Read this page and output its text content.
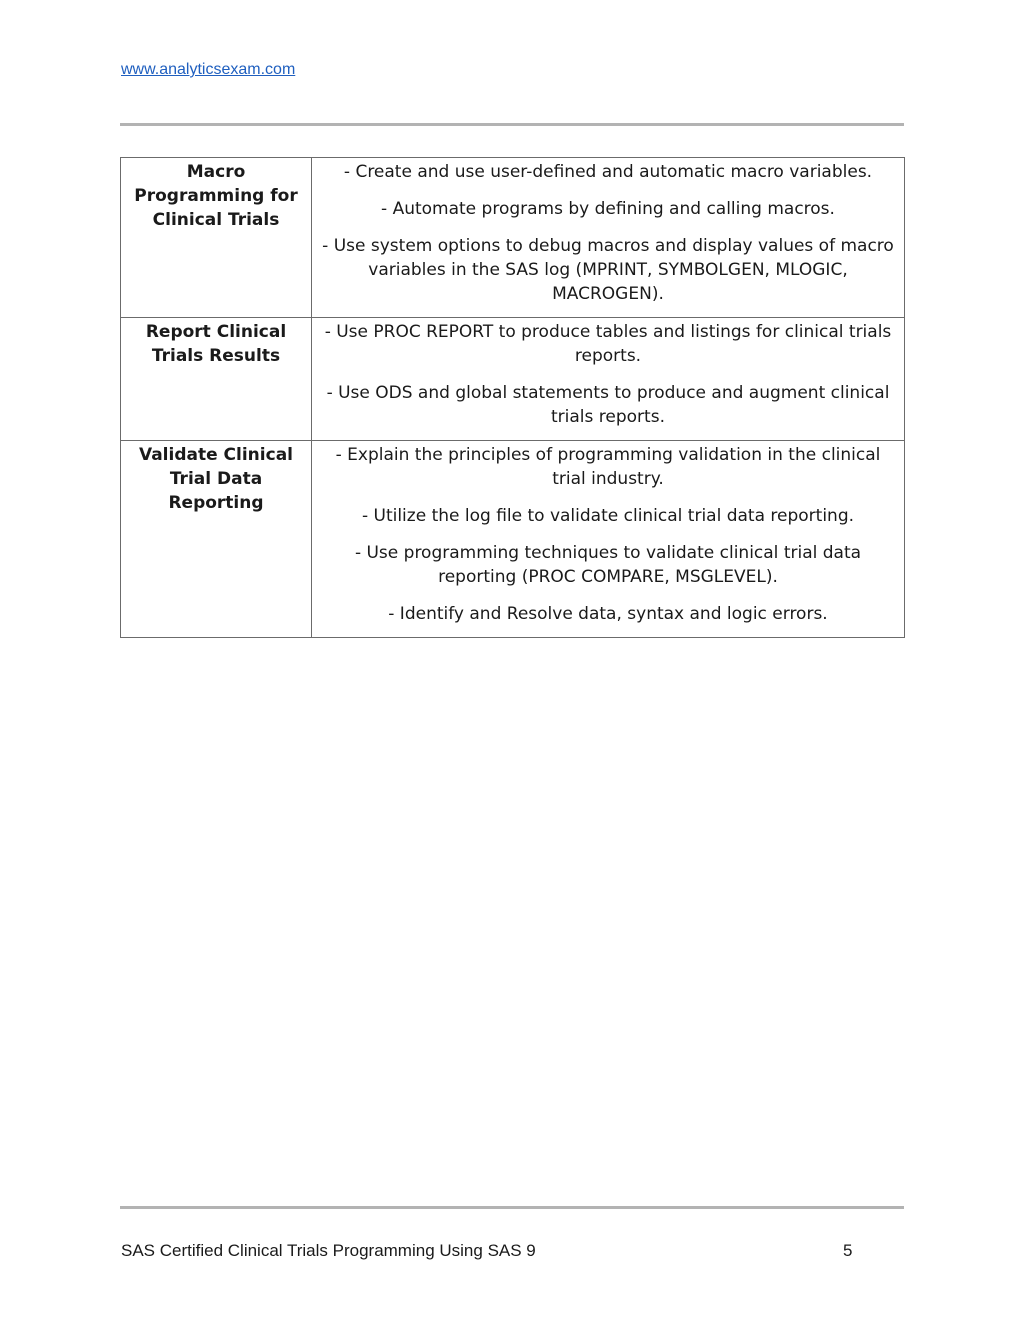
www.analyticsexam.com
Macro Programming for Clinical Trials	- Create and use user-defined and automatic macro variables.

- Automate programs by defining and calling macros.

- Use system options to debug macros and display values of macro variables in the SAS log (MPRINT, SYMBOLGEN, MLOGIC, MACROGEN).

Report Clinical Trials Results	- Use PROC REPORT to produce tables and listings for clinical trials reports.

- Use ODS and global statements to produce and augment clinical trials reports.

Validate Clinical Trial Data Reporting	- Explain the principles of programming validation in the clinical trial industry.

- Utilize the log file to validate clinical trial data reporting.

- Use programming techniques to validate clinical trial data reporting (PROC COMPARE, MSGLEVEL).

- Identify and Resolve data, syntax and logic errors.

SAS Certified Clinical Trials Programming Using SAS 9	5
